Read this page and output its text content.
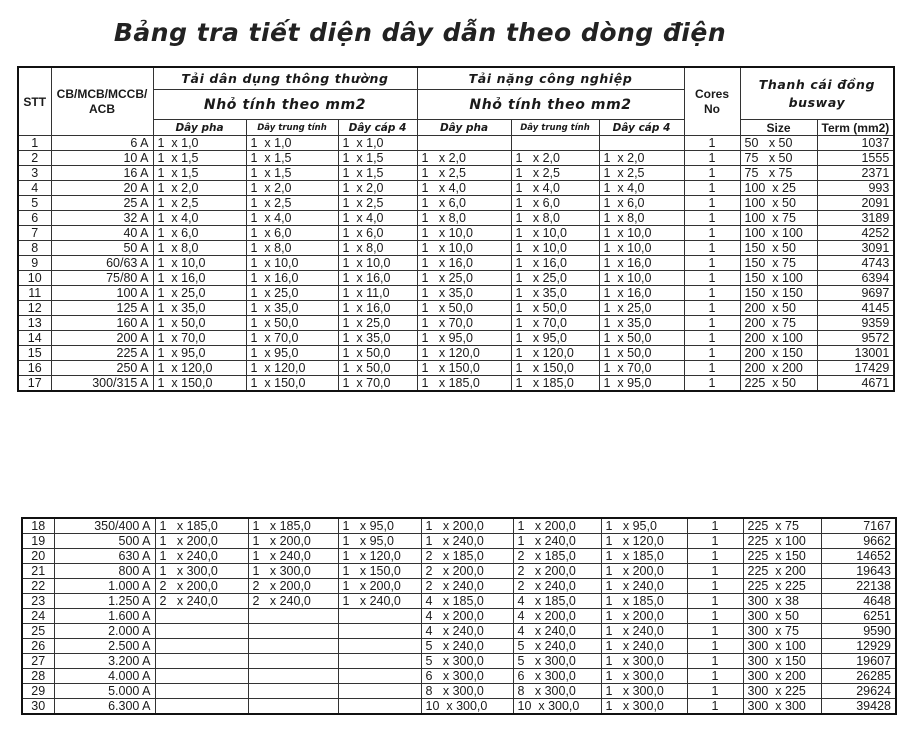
Bảng tra tiết diện dây dẫn theo dòng điện
STT	CB/MCB/MCCB/ ACB	Tải dân dụng thông thường			Tải nặng công nghiệp			Cores No	Thanh cái đồng busway	
		Nhỏ tính theo mm2			Nhỏ tính theo mm2					
		Dây pha	Dây trung tính	Dây cáp 4	Dây pha	Dây trung tính	Dây cáp 4		Size	Term (mm2)
1	6 A	1  x 1,0	1  x 1,0	1  x 1,0				1	50   x 50	1037
2	10 A	1  x 1,5	1  x 1,5	1  x 1,5	1   x 2,0	1   x 2,0	1  x 2,0	1	75   x 50	1555
3	16 A	1  x 1,5	1  x 1,5	1  x 1,5	1   x 2,5	1   x 2,5	1  x 2,5	1	75   x 75	2371
4	20 A	1  x 2,0	1  x 2,0	1  x 2,0	1   x 4,0	1   x 4,0	1  x 4,0	1	100  x 25	993
5	25 A	1  x 2,5	1  x 2,5	1  x 2,5	1   x 6,0	1   x 6,0	1  x 6,0	1	100  x 50	2091
6	32 A	1  x 4,0	1  x 4,0	1  x 4,0	1   x 8,0	1   x 8,0	1  x 8,0	1	100  x 75	3189
7	40 A	1  x 6,0	1  x 6,0	1  x 6,0	1   x 10,0	1   x 10,0	1  x 10,0	1	100  x 100	4252
8	50 A	1  x 8,0	1  x 8,0	1  x 8,0	1   x 10,0	1   x 10,0	1  x 10,0	1	150  x 50	3091
9	60/63 A	1  x 10,0	1  x 10,0	1  x 10,0	1   x 16,0	1   x 16,0	1  x 16,0	1	150  x 75	4743
10	75/80 A	1  x 16,0	1  x 16,0	1  x 16,0	1   x 25,0	1   x 25,0	1  x 10,0	1	150  x 100	6394
11	100 A	1  x 25,0	1  x 25,0	1  x 11,0	1   x 35,0	1   x 35,0	1  x 16,0	1	150  x 150	9697
12	125 A	1  x 35,0	1  x 35,0	1  x 16,0	1   x 50,0	1   x 50,0	1  x 25,0	1	200  x 50	4145
13	160 A	1  x 50,0	1  x 50,0	1  x 25,0	1   x 70,0	1   x 70,0	1  x 35,0	1	200  x 75	9359
14	200 A	1  x 70,0	1  x 70,0	1  x 35,0	1   x 95,0	1   x 95,0	1  x 50,0	1	200  x 100	9572
15	225 A	1  x 95,0	1  x 95,0	1  x 50,0	1   x 120,0	1   x 120,0	1  x 50,0	1	200  x 150	13001
16	250 A	1  x 120,0	1  x 120,0	1  x 50,0	1   x 150,0	1   x 150,0	1  x 70,0	1	200  x 200	17429
17	300/315 A	1  x 150,0	1  x 150,0	1  x 70,0	1   x 185,0	1   x 185,0	1  x 95,0	1	225  x 50	4671
18	350/400 A	1   x 185,0	1   x 185,0	1   x 95,0	1   x 200,0	1   x 200,0	1   x 95,0	1	225  x 75	7167
19	500 A	1   x 200,0	1   x 200,0	1   x 95,0	1   x 240,0	1   x 240,0	1   x 120,0	1	225  x 100	9662
20	630 A	1   x 240,0	1   x 240,0	1   x 120,0	2   x 185,0	2   x 185,0	1   x 185,0	1	225  x 150	14652
21	800 A	1   x 300,0	1   x 300,0	1   x 150,0	2   x 200,0	2   x 200,0	1   x 200,0	1	225  x 200	19643
22	1.000 A	2   x 200,0	2   x 200,0	1   x 200,0	2   x 240,0	2   x 240,0	1   x 240,0	1	225  x 225	22138
23	1.250 A	2   x 240,0	2   x 240,0	1   x 240,0	4   x 185,0	4   x 185,0	1   x 185,0	1	300  x 38	4648
24	1.600 A				4   x 200,0	4   x 200,0	1   x 200,0	1	300  x 50	6251
25	2.000 A				4   x 240,0	4   x 240,0	1   x 240,0	1	300  x 75	9590
26	2.500 A				5   x 240,0	5   x 240,0	1   x 240,0	1	300  x 100	12929
27	3.200 A				5   x 300,0	5   x 300,0	1   x 300,0	1	300  x 150	19607
28	4.000 A				6   x 300,0	6   x 300,0	1   x 300,0	1	300  x 200	26285
29	5.000 A				8   x 300,0	8   x 300,0	1   x 300,0	1	300  x 225	29624
30	6.300 A				10  x 300,0	10  x 300,0	1   x 300,0	1	300  x 300	39428
